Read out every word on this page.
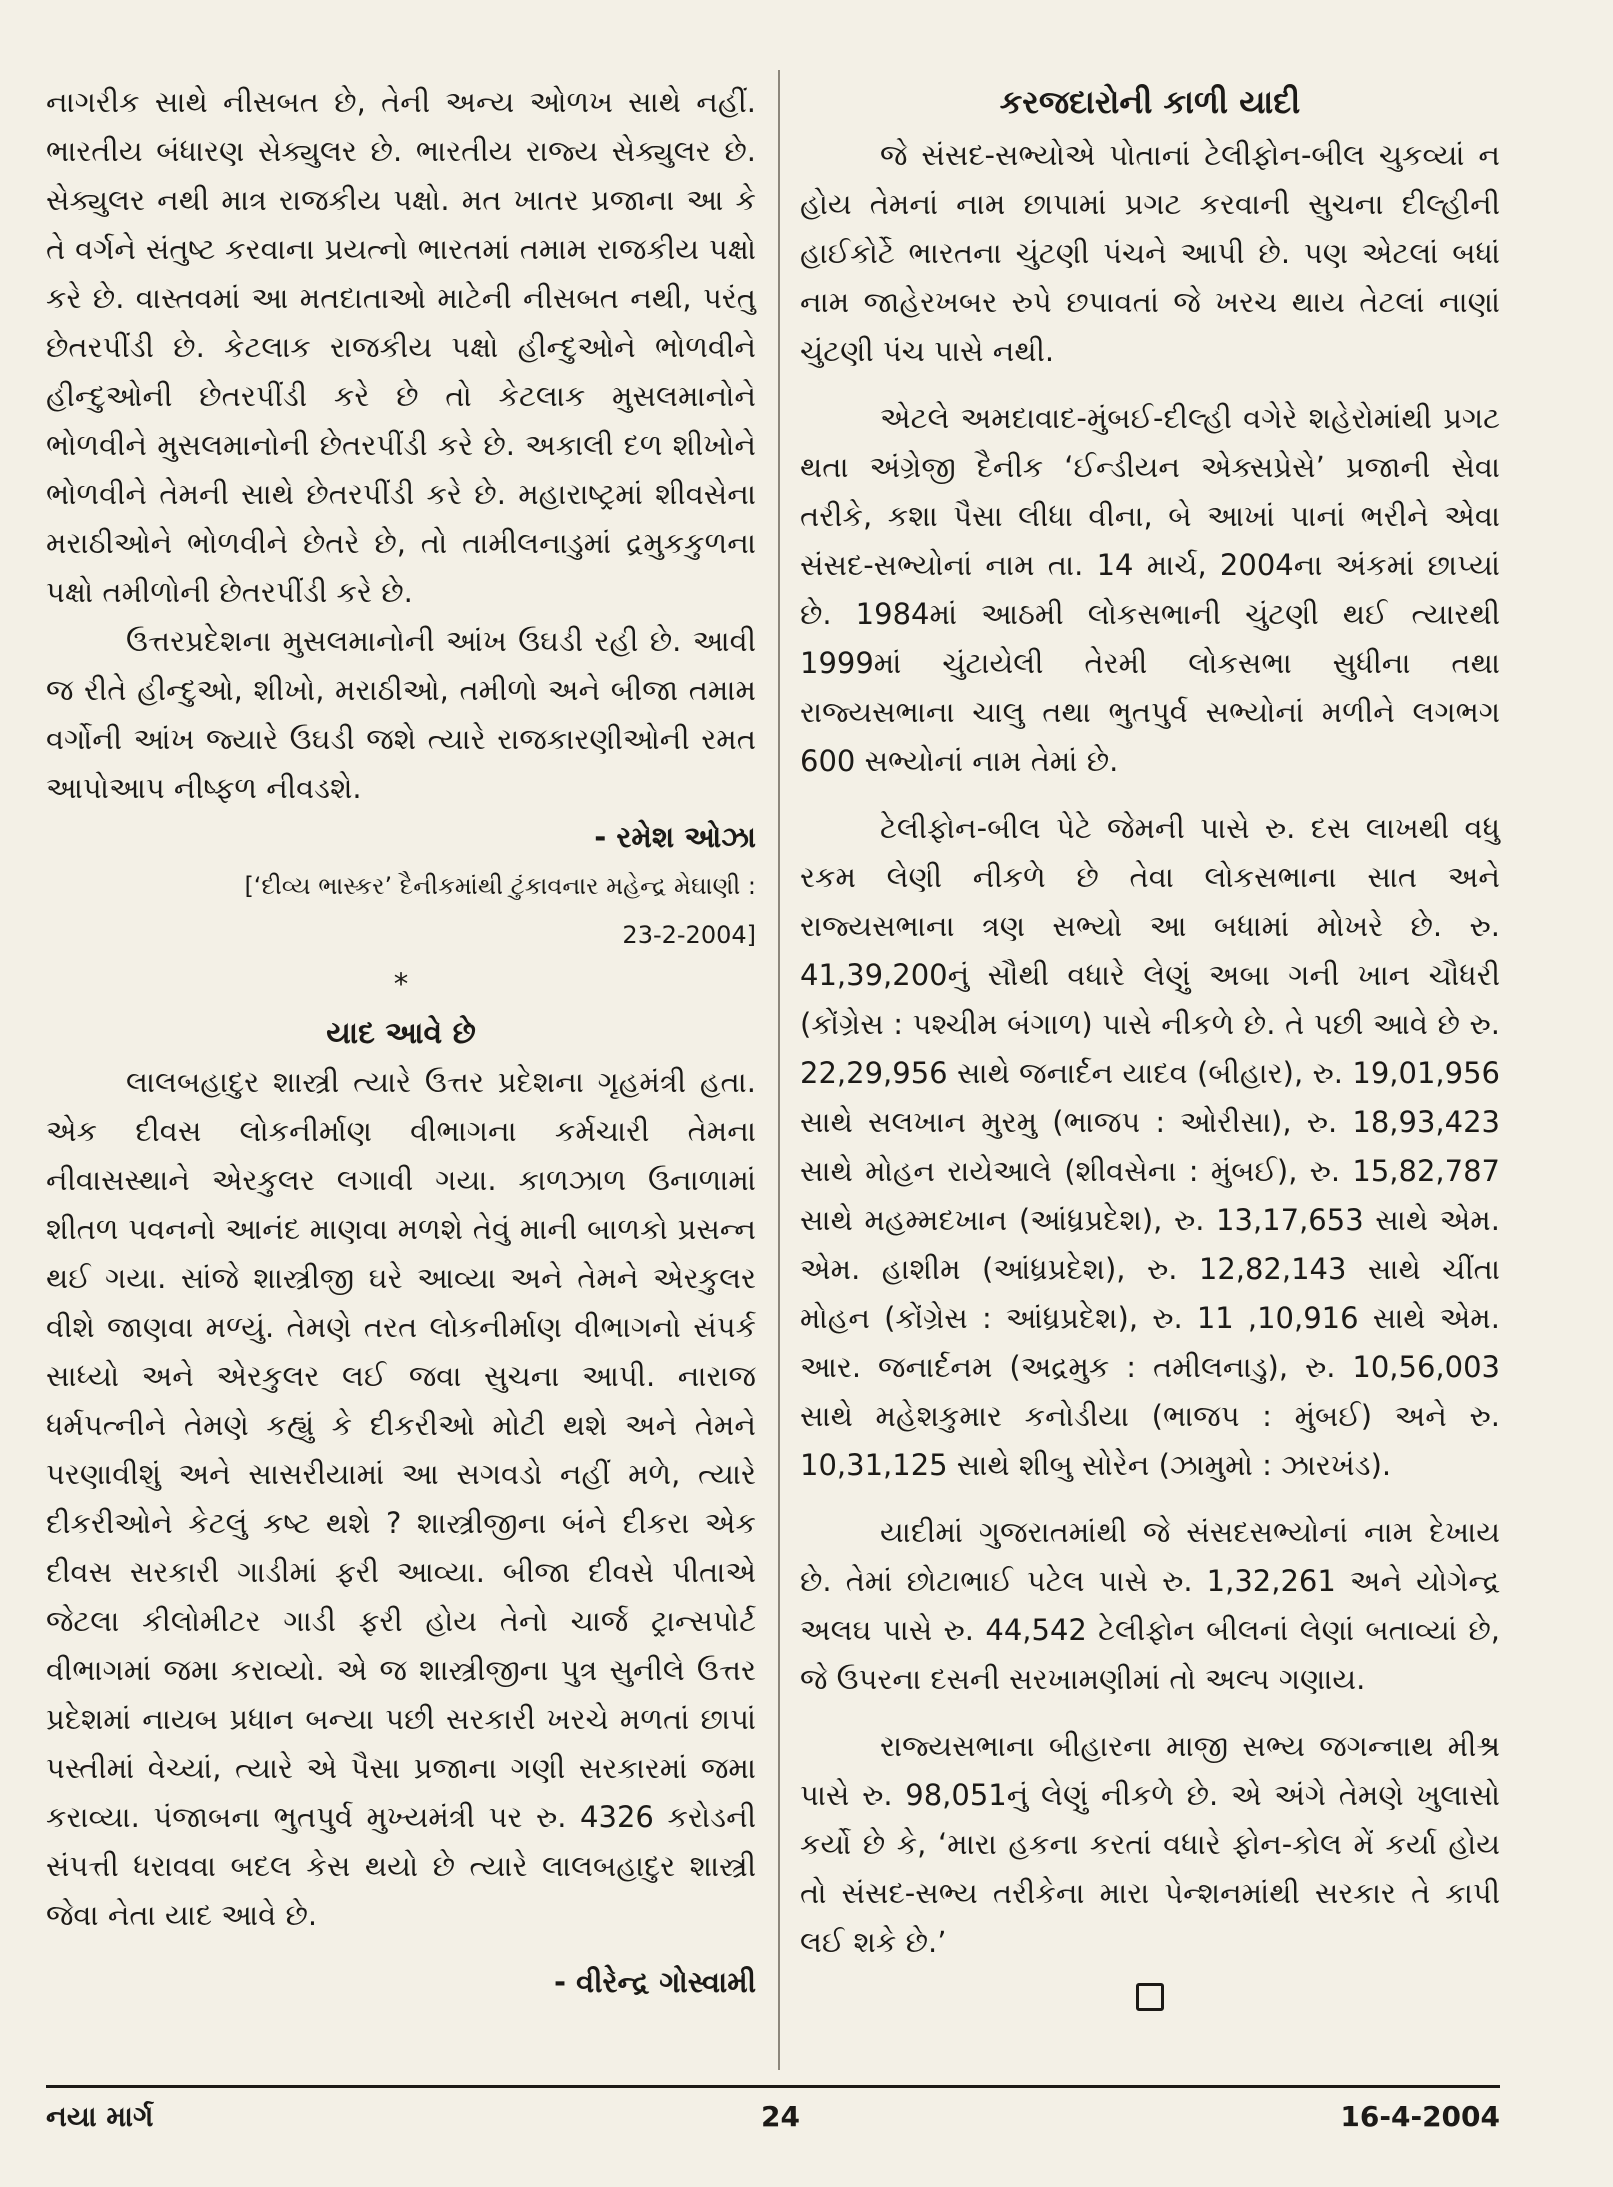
નાગરીક સાથે નીસબત છે, તેની અન્ય ઓળખ સાથે નહીં. ભારતીય બંધારણ સેક્યુલર છે. ભારતીય રાજ્ય સેક્યુલર છે. સેક્યુલર નથી માત્ર રાજકીય પક્ષો. મત ખાતર પ્રજાના આ કે તે વર્ગને સંતુષ્ટ કરવાના પ્રયત્નો ભારતમાં તમામ રાજકીય પક્ષો કરે છે. વાસ્તવમાં આ મતદાતાઓ માટેની નીસબત નથી, પરંતુ છેતરપીંડી છે. કેટલાક રાજકીય પક્ષો હીન્દુઓને ભોળવીને હીન્દુઓની છેતરપીંડી કરે છે તો કેટલાક મુસલમાનોને ભોળવીને મુસલમાનોની છેતરપીંડી કરે છે. અકાલી દળ શીખોને ભોળવીને તેમની સાથે છેતરપીંડી કરે છે. મહારાષ્ટ્રમાં શીવસેના મરાઠીઓને ભોળવીને છેતરે છે, તો તામીલનાડુમાં દ્રમુકકુળના પક્ષો તમીળોની છેતરપીંડી કરે છે.

ઉત્તરપ્રદેશના મુસલમાનોની આંખ ઉઘડી રહી છે. આવી જ રીતે હીન્દુઓ, શીખો, મરાઠીઓ, તમીળો અને બીજા તમામ વર્ગોની આંખ જ્યારે ઉઘડી જશે ત્યારે રાજકારણીઓની રમત આપોઆપ નીષ્ફળ નીવડશે.

- રમેશ ઓઝા

[‘દીવ્ય ભાસ્કર’ દૈનીકમાંથી ટુંકાવનાર મહેન્દ્ર મેઘાણી :

23-2-2004]

*

યાદ આવે છે

લાલબહાદુર શાસ્ત્રી ત્યારે ઉત્તર પ્રદેશના ગૃહમંત્રી હતા. એક દીવસ લોકનીર્માણ વીભાગના કર્મચારી તેમના નીવાસસ્થાને એરકુલર લગાવી ગયા. કાળઝાળ ઉનાળામાં શીતળ પવનનો આનંદ માણવા મળશે તેવું માની બાળકો પ્રસન્ન થઈ ગયા. સાંજે શાસ્ત્રીજી ઘરે આવ્યા અને તેમને એરકુલર વીશે જાણવા મળ્યું. તેમણે તરત લોકનીર્માણ વીભાગનો સંપર્ક સાધ્યો અને એરકુલર લઈ જવા સુચના આપી. નારાજ ધર્મપત્નીને તેમણે કહ્યું કે દીકરીઓ મોટી થશે અને તેમને પરણાવીશું અને સાસરીયામાં આ સગવડો નહીં મળે, ત્યારે દીકરીઓને કેટલું કષ્ટ થશે ? શાસ્ત્રીજીના બંને દીકરા એક દીવસ સરકારી ગાડીમાં ફરી આવ્યા. બીજા દીવસે પીતાએ જેટલા કીલોમીટર ગાડી ફરી હોય તેનો ચાર્જ ટ્રાન્સપોર્ટ વીભાગમાં જમા કરાવ્યો. એ જ શાસ્ત્રીજીના પુત્ર સુનીલે ઉત્તર પ્રદેશમાં નાયબ પ્રધાન બન્યા પછી સરકારી ખરચે મળતાં છાપાં પસ્તીમાં વેચ્યાં, ત્યારે એ પૈસા પ્રજાના ગણી સરકારમાં જમા કરાવ્યા. પંજાબના ભુતપુર્વ મુખ્યમંત્રી પર રુ. 4326 કરોડની સંપત્તી ધરાવવા બદલ કેસ થયો છે ત્યારે લાલબહાદુર શાસ્ત્રી જેવા નેતા યાદ આવે છે.

- વીરેન્દ્ર ગોસ્વામી

કરજદારોની કાળી યાદી

જે સંસદ-સભ્યોએ પોતાનાં ટેલીફોન-બીલ ચુકવ્યાં ન હોય તેમનાં નામ છાપામાં પ્રગટ કરવાની સુચના દીલ્હીની હાઈકોર્ટે ભારતના ચુંટણી પંચને આપી છે. પણ એટલાં બધાં નામ જાહેરખબર રુપે છપાવતાં જે ખરચ થાય તેટલાં નાણાં ચુંટણી પંચ પાસે નથી.

એટલે અમદાવાદ-મુંબઈ-દીલ્હી વગેરે શહેરોમાંથી પ્રગટ થતા અંગ્રેજી દૈનીક ‘ઈન્ડીયન એક્સપ્રેસે’ પ્રજાની સેવા તરીકે, કશા પૈસા લીધા વીના, બે આખાં પાનાં ભરીને એવા સંસદ-સભ્યોનાં નામ તા. 14 માર્ચ, 2004ના અંકમાં છાપ્યાં છે. 1984માં આઠમી લોકસભાની ચુંટણી થઈ ત્યારથી 1999માં ચુંટાયેલી તેરમી લોકસભા સુધીના તથા રાજ્યસભાના ચાલુ તથા ભુતપુર્વ સભ્યોનાં મળીને લગભગ 600 સભ્યોનાં નામ તેમાં છે.

ટેલીફોન-બીલ પેટે જેમની પાસે રુ. દસ લાખથી વધુ રકમ લેણી નીકળે છે તેવા લોકસભાના સાત અને રાજ્યસભાના ત્રણ સભ્યો આ બધામાં મોખરે છે. રુ. 41,39,200નું સૌથી વધારે લેણું અબા ગની ખાન ચૌધરી (કોંગ્રેસ : પશ્ચીમ બંગાળ) પાસે નીકળે છે. તે પછી આવે છે રુ. 22,29,956 સાથે જનાર્દન યાદવ (બીહાર), રુ. 19,01,956 સાથે સલખાન મુરમુ (ભાજપ : ઓરીસા), રુ. 18,93,423 સાથે મોહન રાયેઆલે (શીવસેના : મુંબઈ), રુ. 15,82,787 સાથે મહમ્મદખાન (આંધ્રપ્રદેશ), રુ. 13,17,653 સાથે એમ. એમ. હાશીમ (આંધ્રપ્રદેશ), રુ. 12,82,143 સાથે ચીંતા મોહન (કોંગ્રેસ : આંધ્રપ્રદેશ), રુ. 11 ,10,916 સાથે એમ. આર. જનાર્દનમ (અદ્રમુક : તમીલનાડુ), રુ. 10,56,003 સાથે મહેશકુમાર કનોડીયા (ભાજપ : મુંબઈ) અને રુ. 10,31,125 સાથે શીબુ સોરેન (ઝામુમો : ઝારખંડ).

યાદીમાં ગુજરાતમાંથી જે સંસદસભ્યોનાં નામ દેખાય છે. તેમાં છોટાભાઈ પટેલ પાસે રુ. 1,32,261 અને યોગેન્દ્ર અલઘ પાસે રુ. 44,542 ટેલીફોન બીલનાં લેણાં બતાવ્યાં છે, જે ઉપરના દસની સરખામણીમાં તો અલ્પ ગણાય.

રાજ્યસભાના બીહારના માજી સભ્ય જગન્નાથ મીશ્ર પાસે રુ. 98,051નું લેણું નીકળે છે. એ અંગે તેમણે ખુલાસો કર્યો છે કે, ‘મારા હકના કરતાં વધારે ફોન-કોલ મેં કર્યા હોય તો સંસદ-સભ્ય તરીકેના મારા પેન્શનમાંથી સરકાર તે કાપી લઈ શકે છે.’

નયા માર્ગ	24	16-4-2004
